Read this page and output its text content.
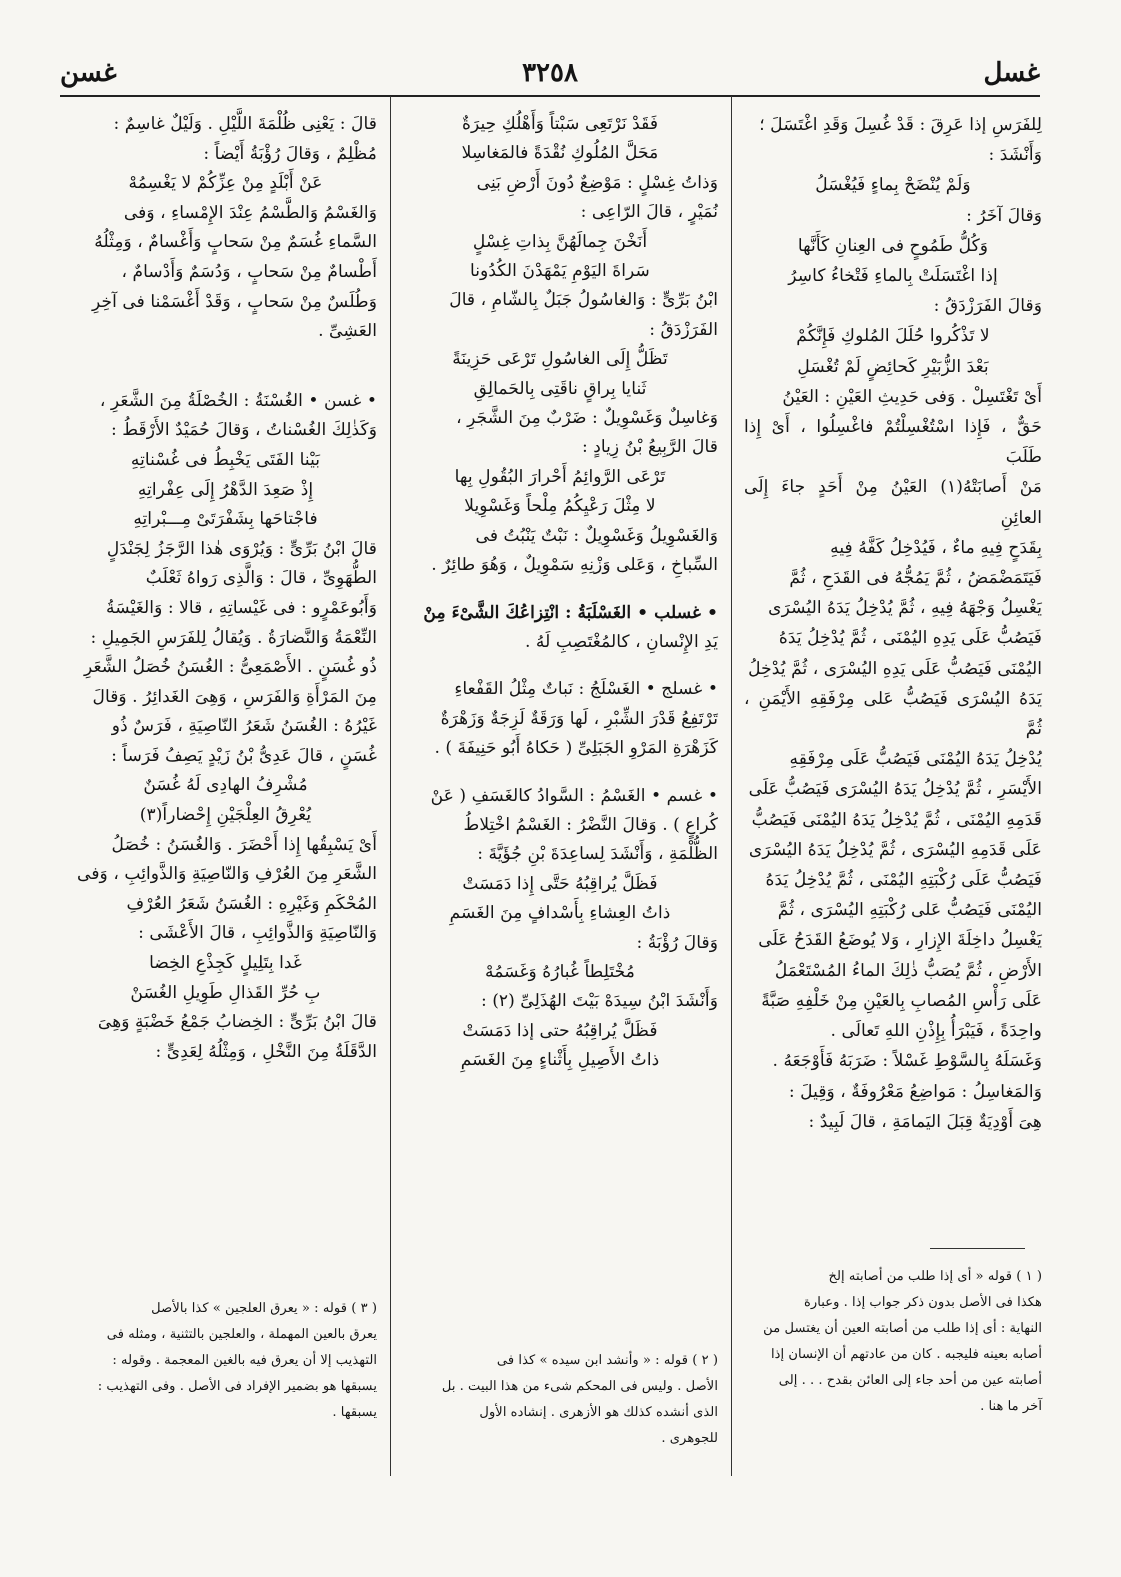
غسل
٣٢٥٨
غسن

لِلفَرَسِ إذا عَرِقَ : قَدْ غُسِلَ وَقَدِ اغْتَسَلَ ؛

وَأَنْشَدَ :

وَلَمْ يُنْضَحْ بِماءٍ فَيُغْسَلُ

وَقالَ آخَرُ :

وَكُلُّ طَمُوحٍ فى العِنانِ كَأَنَّها

إذا اغْتَسَلَتْ بِالماءِ فَتْخاءُ كاسِرُ

وَقالَ الفَرَزْدَقُ :

لا تَذْكُروا حُلَلَ المُلوكِ فَإِنَّكُمْ

بَعْدَ الزُّبَيْرِ كَحائِضٍ لَمْ تُغْسَلِ

أَىْ تَغْتَسِلْ . وَفى حَدِيثِ العَيْنِ : العَيْنُ

حَقٌّ ، فَإِذا اسْتُغْسِلْتُمْ فاغْسِلُوا ، أَىْ إِذا طَلَبَ

مَنْ أَصابَتْهُ(١) العَيْنُ مِنْ أَحَدٍ جاءَ إِلَى العائِنِ

بِقَدَحٍ فِيهِ ماءٌ ، فَيُدْخِلُ كَفَّهُ فِيهِ

فَيَتَمَضْمَضُ ، ثُمَّ يَمُجُّهُ فى القَدَحِ ، ثُمَّ

يَغْسِلُ وَجْهَهُ فِيهِ ، ثُمَّ يُدْخِلُ يَدَهُ اليُسْرَى

فَيَصُبُّ عَلَى يَدِهِ اليُمْنَى ، ثُمَّ يُدْخِلُ يَدَهُ

اليُمْنَى فَيَصُبُّ عَلَى يَدِهِ اليُسْرَى ، ثُمَّ يُدْخِلُ

يَدَهُ اليُسْرَى فَيَصُبُّ عَلى مِرْفَقِهِ الأَيْمَنِ ، ثُمَّ

يُدْخِلُ يَدَهُ اليُمْنَى فَيَصُبُّ عَلَى مِرْفَقِهِ

الأَيْسَرِ ، ثُمَّ يُدْخِلُ يَدَهُ اليُسْرَى فَيَصُبُّ عَلَى

قَدَمِهِ اليُمْنَى ، ثُمَّ يُدْخِلُ يَدَهُ اليُمْنَى فَيَصُبُّ

عَلَى قَدَمِهِ اليُسْرَى ، ثُمَّ يُدْخِلُ يَدَهُ اليُسْرَى

فَيَصُبُّ عَلَى رُكْبَتِهِ اليُمْنَى ، ثُمَّ يُدْخِلُ يَدَهُ

اليُمْنَى فَيَصُبُّ عَلى رُكْبَتِهِ اليُسْرَى ، ثُمَّ

يَغْسِلُ داخِلَةَ الإِزارِ ، وَلا يُوضَعُ القَدَحُ عَلَى

الأَرْضِ ، ثُمَّ يُصَبُّ ذٰلِكَ الماءُ المُسْتَعْمَلُ

عَلَى رَأْسِ المُصابِ بِالعَيْنِ مِنْ خَلْفِهِ صَبَّةً

واحِدَةً ، فَيَبْرَأُ بِإِذْنِ اللهِ تَعالَى .

وَغَسَلَهُ بِالسَّوْطِ غَسْلاً : ضَرَبَهُ فَأَوْجَعَهُ .

وَالمَغاسِلُ : مَواضِعُ مَعْرُوفَةٌ ، وَقِيلَ :

هِىَ أَوْدِيَةٌ قِبَلَ اليَمامَةِ ، قالَ لَبِيدٌ :

( ١ ) قوله « أى إذا طلب من أصابته إلخ

هكذا فى الأصل بدون ذكر جواب إذا . وعبارة

النهاية : أى إذا طلب من أصابته العين أن يغتسل من

أصابه بعينه فليجبه . كان من عادتهم أن الإنسان إذا

أصابته عين من أحد جاء إلى العائن بقدح . . . إلى

آخر ما هنا .

فَقَدْ نَرْتَعِى سَبْتاً وَأَهْلُكِ حِيرَةٌ

مَحَلَّ المُلُوكِ نُقْدَةً فالمَغاسِلا

وَذاتُ غِسْلٍ : مَوْضِعٌ دُونَ أَرْضِ بَنِى

نُمَيْرٍ ، قالَ الرّاعِى :

أَنَخْنَ جِمالَهُنَّ بِذاتِ غِسْلٍ

سَراةَ اليَوْمِ يَمْهَدْنَ الكُدُونا

ابْنُ بَرِّىٍّ : وَالغاسُولُ جَبَلٌ بِالشّامِ ، قالَ

الفَرَزْدَقُ :

تَظَلُّ إِلَى الغاسُولِ تَرْعَى حَزِينَةً

ثَنايا بِراقٍ ناقَتِى بِالحَمالِقِ

وَغاسِلٌ وَغَسْوِيلٌ : ضَرْبٌ مِنَ الشَّجَرِ ،

قالَ الرَّبِيعُ بْنُ زِيادٍ :

تَرْعَى الرَّوائِمُ أَحْرارَ البُقُولِ بِها

لا مِثْلَ رَعْيِكُمُ مِلْحاً وَغَسْوِيلا

وَالغَسْوِيلُ وَغَسْوِيلٌ : نَبْتٌ يَنْبُتُ فى

السِّباخِ ، وَعَلى وَزْنِهِ سَمْوِيلٌ ، وَهُوَ طائِرٌ .

• غسلب • الغَسْلَبَةُ : انْتِزاعُكَ الشَّىْءَ مِنْ

يَدِ الإِنْسانِ ، كالمُغْتَصِبِ لَهُ .

• غسلج • الغَسْلَجُ : نَباتٌ مِثْلُ القَفْعاءِ

تَرْتَفِعُ قَدْرَ الشِّبْرِ ، لَها وَرَقَةٌ لَزِجَةٌ وَزَهْرَةٌ

كَزَهْرَةِ المَرْوِ الجَبَلِىِّ ( حَكاهُ أَبُو حَنِيفَةَ ) .

• غسم • الغَسْمُ : السَّوادُ كالغَسَفِ ( عَنْ

كُراعٍ ) . وَقالَ النَّضْرُ : الغَسْمُ اخْتِلاطُ

الظُّلْمَةِ ، وَأَنْشَدَ لِساعِدَةَ بْنِ جُؤَيَّةَ :

فَظَلَّ يُراقِبُهُ حَتَّى إِذا دَمَسَتْ

ذاتُ العِشاءِ بِأَسْدافٍ مِنَ الغَسَمِ

وَقالَ رُؤْبَةُ :

مُخْتَلِطاً غُبارُهُ وَغَسَمُهْ

وَأَنْشَدَ ابْنُ سِيدَهْ بَيْتَ الهُذَلِىِّ (٢) :

فَظَلَّ يُراقِبُهُ حتى إذا دَمَسَتْ

ذاتُ الأَصِيلِ بِأَثْناءٍ مِنَ الغَسَمِ

( ٢ ) قوله : « وأنشد ابن سيده » كذا فى

الأصل . وليس فى المحكم شىء من هذا البيت . بل

الذى أنشده كذلك هو الأزهرى . إنشاده الأول

للجوهرى .

قالَ : يَعْنِى ظُلْمَةَ اللَّيْلِ . وَلَيْلٌ غاسِمٌ :

مُظْلِمٌ ، وَقالَ رُؤْبَةُ أَيْضاً :

عَنْ أَبْلَدٍ مِنْ عِزِّكُمْ لا يَغْسِمُهْ

وَالغَسْمُ وَالطَّسْمُ عِنْدَ الإِمْساءِ ، وَفى

السَّماءِ غُسَمٌ مِنْ سَحابٍ وَأَغْسامٌ ، وَمِثْلُهُ

أَطْسامٌ مِنْ سَحابٍ ، وَدُسَمٌ وَأَدْسامٌ ،

وَطُلَسٌ مِنْ سَحابٍ ، وَقَدْ أَغْسَمْنا فى آخِرِ

العَشِىِّ .

• غسن • الغُسْنَةُ : الخُصْلَةُ مِنَ الشَّعَرِ ،

وَكَذٰلِكَ الغُسْناتُ ، وَقالَ حُمَيْدٌ الأَرْقَطُ :

بَيْنا الفَتَى يَخْبِطُ فى غُسْناتِهِ

إِذْ صَعِدَ الدَّهْرُ إِلَى عِفْراتِهِ

فاجْتاحَها بِشَفْرَتَىْ مِـــبْراتِهِ

قالَ ابْنُ بَرِّىٍّ : وَيُرْوَى هٰذا الرَّجَزُ لِجَنْدَلٍ

الطُّهَوِىِّ ، قالَ : وَالَّذِى رَواهُ ثَعْلَبٌ

وَأَبُوعَمْرٍو : فى غَيْساتِهِ ، قالا : وَالغَيْسَةُ

النِّعْمَةُ وَالنَّضارَةُ . وَيُقالُ لِلفَرَسِ الجَمِيلِ :

ذُو غُسَنٍ . الأَصْمَعِىُّ : الغُسَنُ خُصَلُ الشَّعَرِ

مِنَ المَرْأَةِ وَالفَرَسِ ، وَهِىَ الغَدائِرُ . وَقالَ

غَيْرُهُ : الغُسَنُ شَعَرُ النّاصِيَةِ ، فَرَسٌ ذُو

غُسَنٍ ، قالَ عَدِىُّ بْنُ زَيْدٍ يَصِفُ فَرَساً :

مُشْرِفُ الهادِى لَهُ غُسَنٌ

يُعْرِقُ العِلْجَيْنِ إِحْضاراً(٣)

أَىْ يَسْبِقُها إِذا أَحْضَرَ . وَالغُسَنُ : خُصَلُ

الشَّعَرِ مِنَ العُرْفِ وَالنّاصِيَةِ وَالذَّوائِبِ ، وَفى

المُحْكَمِ وَغَيْرِهِ : الغُسَنُ شَعَرُ العُرْفِ

وَالنّاصِيَةِ وَالذَّوائِبِ ، قالَ الأَعْشَى :

غَدا بِتَلِيلٍ كَجِذْعِ الخِضا

بِ حُرِّ القَذالِ طَوِيلِ الغُسَنْ

قالَ ابْنُ بَرِّىٍّ : الخِضابُ جَمْعُ خَضْبَةٍ وَهِىَ

الدَّقَلَةُ مِنَ النَّخْلِ ، وَمِثْلُهُ لِعَدِىٍّ :

( ٣ ) قوله : « يعرق العلجين » كذا بالأصل

يعرق بالعين المهملة ، والعلجين بالتثنية ، ومثله فى

التهذيب إلا أن يعرق فيه بالغين المعجمة . وقوله :

يسبقها هو بضمير الإفراد فى الأصل . وفى التهذيب :

يسبقها .
